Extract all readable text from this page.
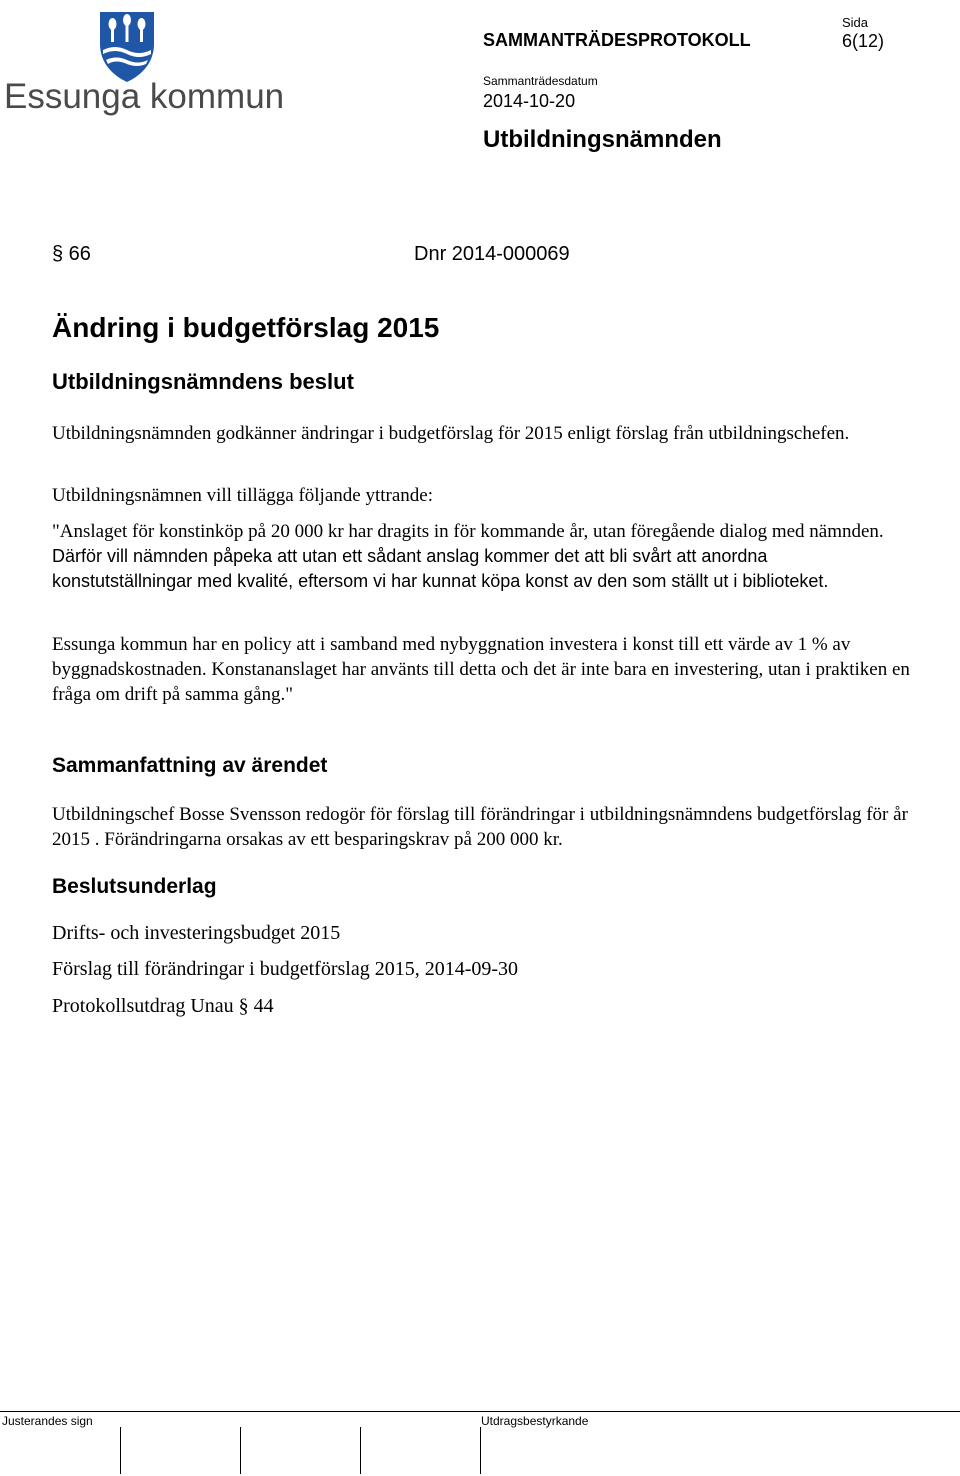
Essunga kommun
SAMMANTRÄDESPROTOKOLL
Sida
6(12)
Sammanträdesdatum
2014-10-20
Utbildningsnämnden
§ 66	Dnr 2014-000069
Ändring i budgetförslag 2015
Utbildningsnämndens beslut

Utbildningsnämnden godkänner ändringar i budgetförslag för 2015 enligt förslag från utbildningschefen.

Utbildningsnämnen vill tillägga följande yttrande:

"Anslaget för konstinköp på 20 000 kr har dragits in för kommande år, utan föregående dialog med nämnden. Därför vill nämnden påpeka att utan ett sådant anslag kommer det att bli svårt att anordna konstutställningar med kvalité, eftersom vi har kunnat köpa konst av den som ställt ut i biblioteket.

Essunga kommun har en policy att i samband med nybyggnation investera i konst till ett värde av 1 % av byggnadskostnaden. Konstananslaget har använts till detta och det är inte bara en investering, utan i praktiken en fråga om drift på samma gång."

Sammanfattning av ärendet

Utbildningschef Bosse Svensson redogör för förslag till förändringar i utbildningsnämndens budgetförslag för år 2015 . Förändringarna orsakas av ett besparingskrav på 200 000 kr.

Beslutsunderlag
Drifts- och investeringsbudget 2015
Förslag till förändringar i budgetförslag 2015, 2014-09-30
Protokollsutdrag Unau § 44
Justerandes sign	Utdragsbestyrkande
